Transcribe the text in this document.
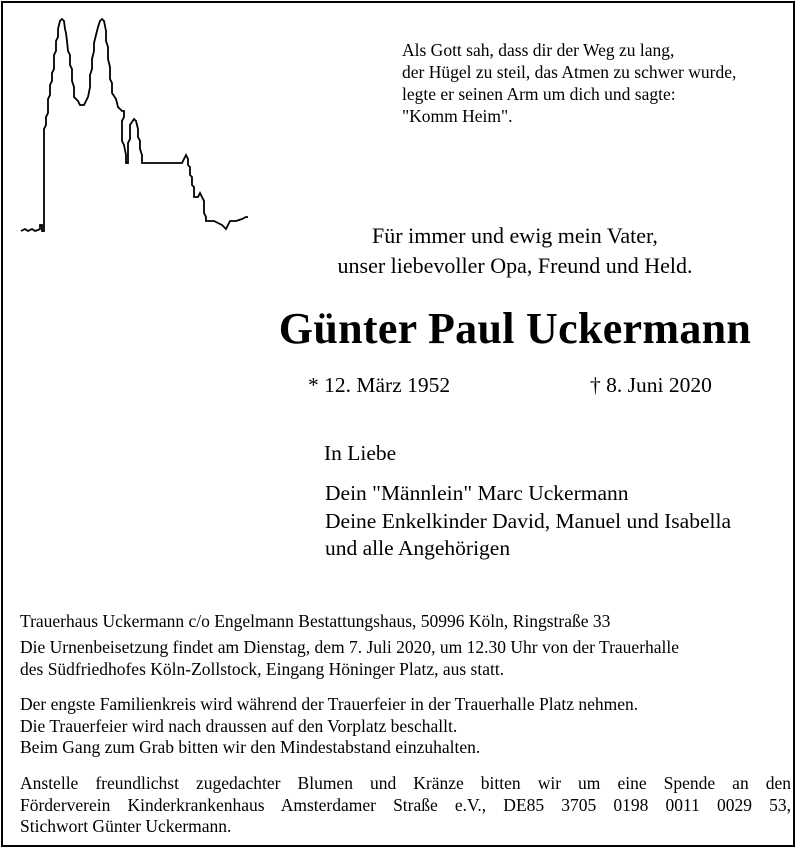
Als Gott sah, dass dir der Weg zu lang,
der Hügel zu steil, das Atmen zu schwer wurde,
legte er seinen Arm um dich und sagte:
"Komm Heim".
Für immer und ewig mein Vater,
unser liebevoller Opa, Freund und Held.
Günter Paul Uckermann
* 12. März 1952	† 8. Juni 2020
In Liebe
Dein "Männlein" Marc Uckermann
Deine Enkelkinder David, Manuel und Isabella
und alle Angehörigen
Trauerhaus Uckermann c/o Engelmann Bestattungshaus, 50996 Köln, Ringstraße 33
Die Urnenbeisetzung findet am Dienstag, dem 7. Juli 2020, um 12.30 Uhr von der Trauerhalle
des Südfriedhofes Köln-Zollstock, Eingang Höninger Platz, aus statt.
Der engste Familienkreis wird während der Trauerfeier in der Trauerhalle Platz nehmen.
Die Trauerfeier wird nach draussen auf den Vorplatz beschallt.
Beim Gang zum Grab bitten wir den Mindestabstand einzuhalten.
Anstelle freundlichst zugedachter Blumen und Kränze bitten wir um eine Spende an den
Förderverein Kinderkrankenhaus Amsterdamer Straße e.V., DE85 3705 0198 0011 0029 53,
Stichwort Günter Uckermann.
